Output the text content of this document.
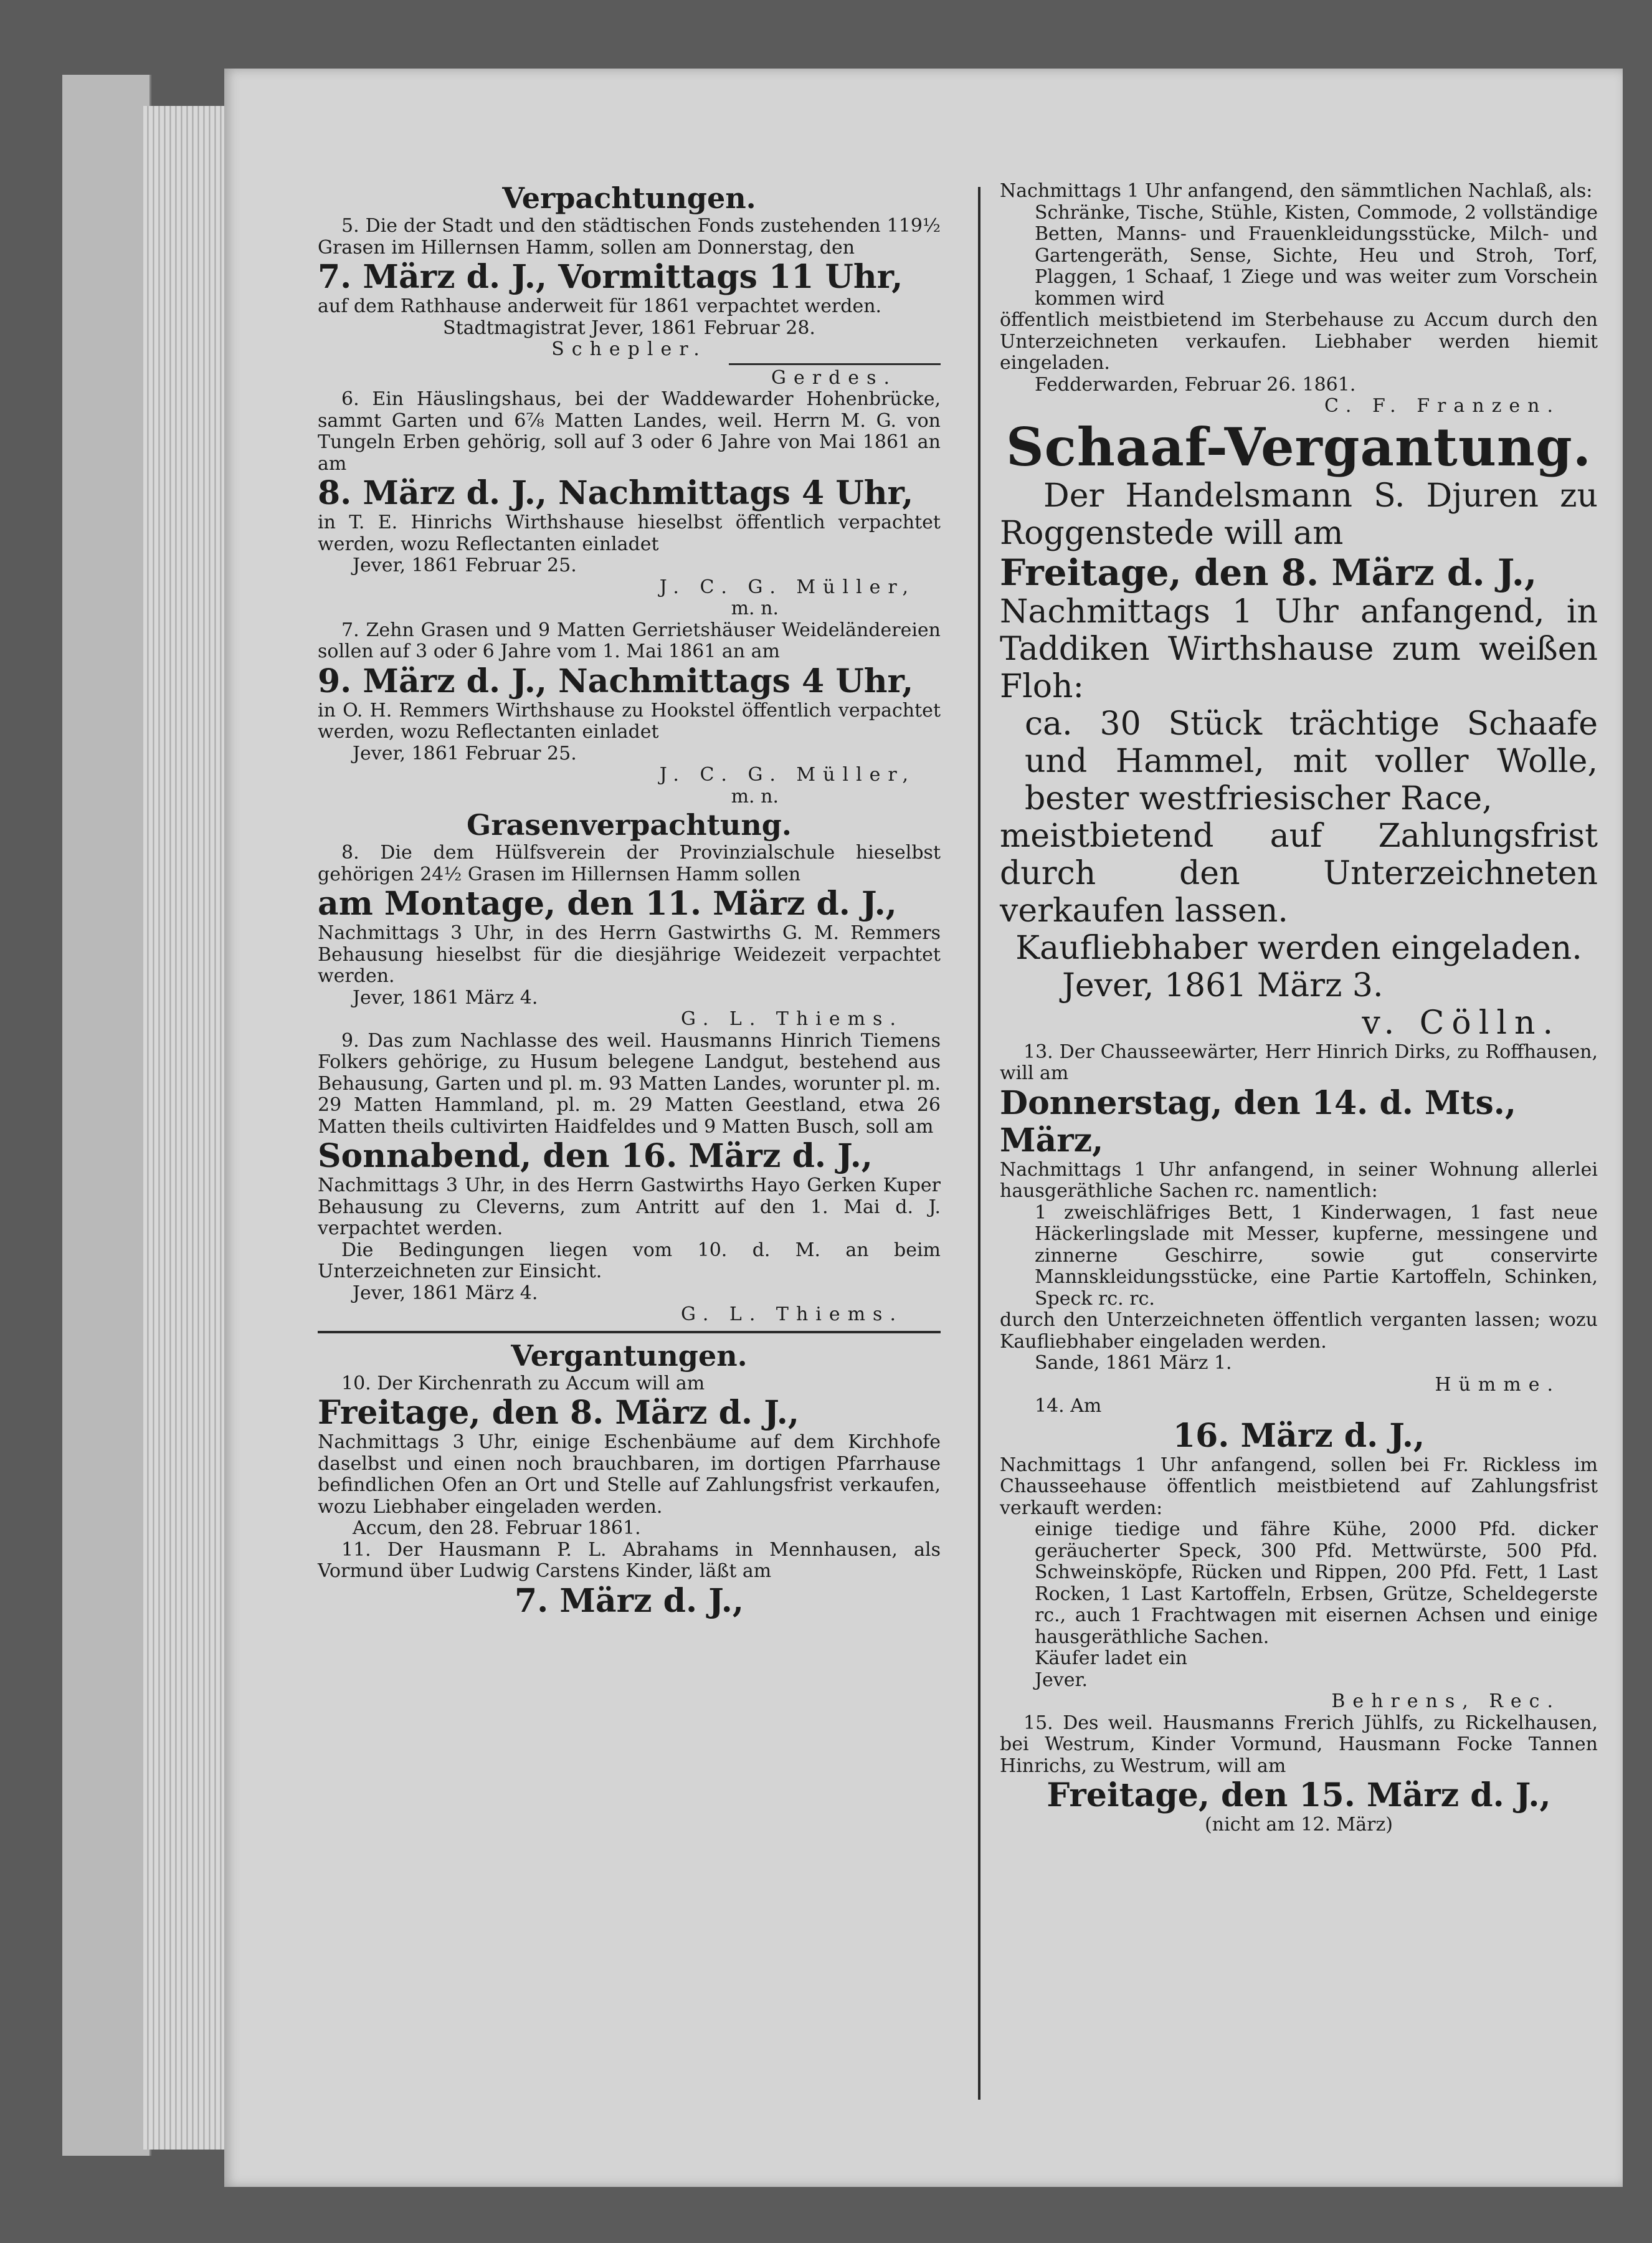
Verpachtungen.

5. Die der Stadt und den städtischen Fonds zustehenden 119½ Grasen im Hillernsen Hamm, sollen am Donnerstag, den

7. März d. J., Vormittags 11 Uhr,

auf dem Rathhause anderweit für 1861 verpachtet werden.

Stadtmagistrat Jever, 1861 Februar 28.

Schepler.

Gerdes.

6. Ein Häuslingshaus, bei der Waddewarder Hohenbrücke, sammt Garten und 6⅞ Matten Landes, weil. Herrn M. G. von Tungeln Erben gehörig, soll auf 3 oder 6 Jahre von Mai 1861 an am

8. März d. J., Nachmittags 4 Uhr,

in T. E. Hinrichs Wirthshause hieselbst öffentlich verpachtet werden, wozu Reflectanten einladet

Jever, 1861 Februar 25.

J. C. G. Müller,

m. n.

7. Zehn Grasen und 9 Matten Gerrietshäuser Weideländereien sollen auf 3 oder 6 Jahre vom 1. Mai 1861 an am

9. März d. J., Nachmittags 4 Uhr,

in O. H. Remmers Wirthshause zu Hookstel öffentlich verpachtet werden, wozu Reflectanten einladet

Jever, 1861 Februar 25.

J. C. G. Müller,

m. n.

Grasenverpachtung.

8. Die dem Hülfsverein der Provinzialschule hieselbst gehörigen 24½ Grasen im Hillernsen Hamm sollen

am Montage, den 11. März d. J.,

Nachmittags 3 Uhr, in des Herrn Gastwirths G. M. Remmers Behausung hieselbst für die diesjährige Weidezeit verpachtet werden.

Jever, 1861 März 4.

G. L. Thiems.

9. Das zum Nachlasse des weil. Hausmanns Hinrich Tiemens Folkers gehörige, zu Husum belegene Landgut, bestehend aus Behausung, Garten und pl. m. 93 Matten Landes, worunter pl. m. 29 Matten Hammland, pl. m. 29 Matten Geestland, etwa 26 Matten theils cultivirten Haidfeldes und 9 Matten Busch, soll am

Sonnabend, den 16. März d. J.,

Nachmittags 3 Uhr, in des Herrn Gastwirths Hayo Gerken Kuper Behausung zu Cleverns, zum Antritt auf den 1. Mai d. J. verpachtet werden.

Die Bedingungen liegen vom 10. d. M. an beim Unterzeichneten zur Einsicht.

Jever, 1861 März 4.

G. L. Thiems.

Vergantungen.

10. Der Kirchenrath zu Accum will am

Freitage, den 8. März d. J.,

Nachmittags 3 Uhr, einige Eschenbäume auf dem Kirchhofe daselbst und einen noch brauchbaren, im dortigen Pfarrhause befindlichen Ofen an Ort und Stelle auf Zahlungsfrist verkaufen, wozu Liebhaber eingeladen werden.

Accum, den 28. Februar 1861.

11. Der Hausmann P. L. Abrahams in Mennhausen, als Vormund über Ludwig Carstens Kinder, läßt am

7. März d. J.,

Nachmittags 1 Uhr anfangend, den sämmtlichen Nachlaß, als:

Schränke, Tische, Stühle, Kisten, Commode, 2 vollständige Betten, Manns- und Frauenkleidungsstücke, Milch- und Gartengeräth, Sense, Sichte, Heu und Stroh, Torf, Plaggen, 1 Schaaf, 1 Ziege und was weiter zum Vorschein kommen wird

öffentlich meistbietend im Sterbehause zu Accum durch den Unterzeichneten verkaufen. Liebhaber werden hiemit eingeladen.

Fedderwarden, Februar 26. 1861.

C. F. Franzen.

Schaaf-Vergantung.

Der Handelsmann S. Djuren zu Roggenstede will am

Freitage, den 8. März d. J.,

Nachmittags 1 Uhr anfangend, in Taddiken Wirthshause zum weißen Floh:

ca. 30 Stück trächtige Schaafe und Hammel, mit voller Wolle, bester westfriesischer Race,

meistbietend auf Zahlungsfrist durch den Unterzeichneten verkaufen lassen.

Kaufliebhaber werden eingeladen.

Jever, 1861 März 3.

v. Cölln.

13. Der Chausseewärter, Herr Hinrich Dirks, zu Roffhausen, will am

Donnerstag, den 14. d. Mts., März,

Nachmittags 1 Uhr anfangend, in seiner Wohnung allerlei hausgeräthliche Sachen rc. namentlich:

1 zweischläfriges Bett, 1 Kinderwagen, 1 fast neue Häckerlingslade mit Messer, kupferne, messingene und zinnerne Geschirre, sowie gut conservirte Mannskleidungsstücke, eine Partie Kartoffeln, Schinken, Speck rc. rc.

durch den Unterzeichneten öffentlich verganten lassen; wozu Kaufliebhaber eingeladen werden.

Sande, 1861 März 1.

Hümme.

14. Am

16. März d. J.,

Nachmittags 1 Uhr anfangend, sollen bei Fr. Rickless im Chausseehause öffentlich meistbietend auf Zahlungsfrist verkauft werden:

einige tiedige und fähre Kühe, 2000 Pfd. dicker geräucherter Speck, 300 Pfd. Mettwürste, 500 Pfd. Schweinsköpfe, Rücken und Rippen, 200 Pfd. Fett, 1 Last Rocken, 1 Last Kartoffeln, Erbsen, Grütze, Scheldegerste rc., auch 1 Frachtwagen mit eisernen Achsen und einige hausgeräthliche Sachen.

Käufer ladet ein

Jever.

Behrens, Rec.

15. Des weil. Hausmanns Frerich Jühlfs, zu Rickelhausen, bei Westrum, Kinder Vormund, Hausmann Focke Tannen Hinrichs, zu Westrum, will am

Freitage, den 15. März d. J.,

(nicht am 12. März)
